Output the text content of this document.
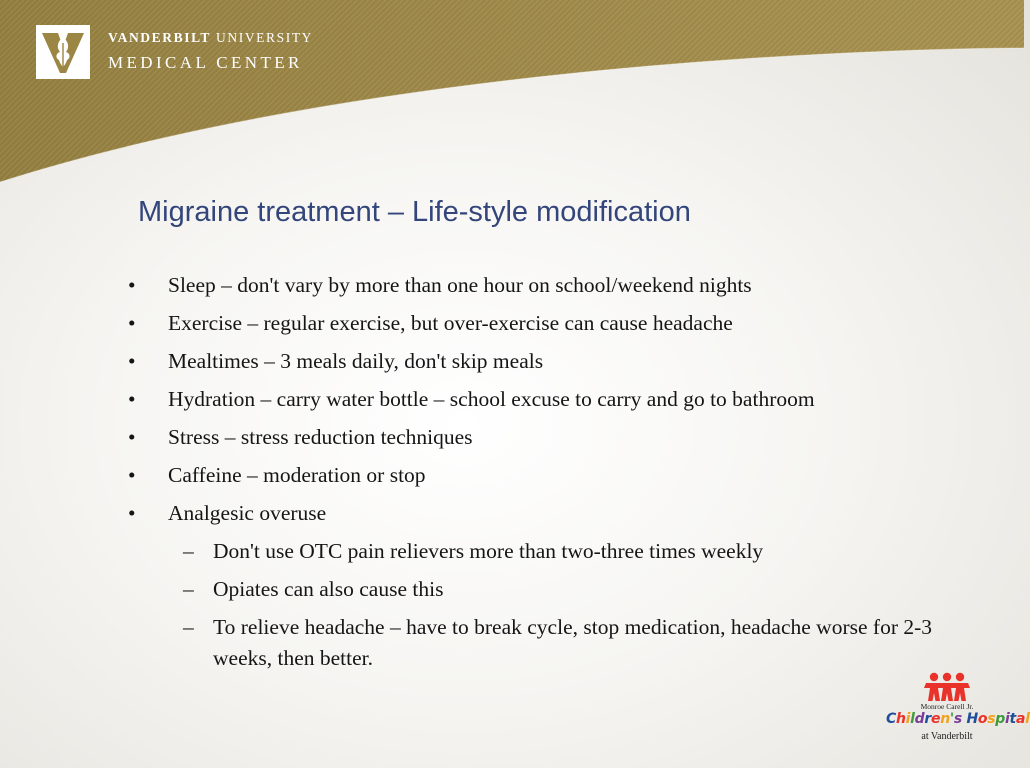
VANDERBILT UNIVERSITY
MEDICAL CENTER
Migraine treatment – Life-style modification
• Sleep – don't vary by more than one hour on school/weekend nights
• Exercise – regular exercise, but over-exercise can cause headache
• Mealtimes – 3 meals daily, don't skip meals
• Hydration – carry water bottle – school excuse to carry and go to bathroom
• Stress – stress reduction techniques
• Caffeine – moderation or stop
• Analgesic overuse
– Don't use OTC pain relievers more than two-three times weekly
– Opiates can also cause this
– To relieve headache – have to break cycle, stop medication, headache worse for 2-3 weeks, then better.
Monroe Carell Jr.
Children's Hospital
at Vanderbilt
